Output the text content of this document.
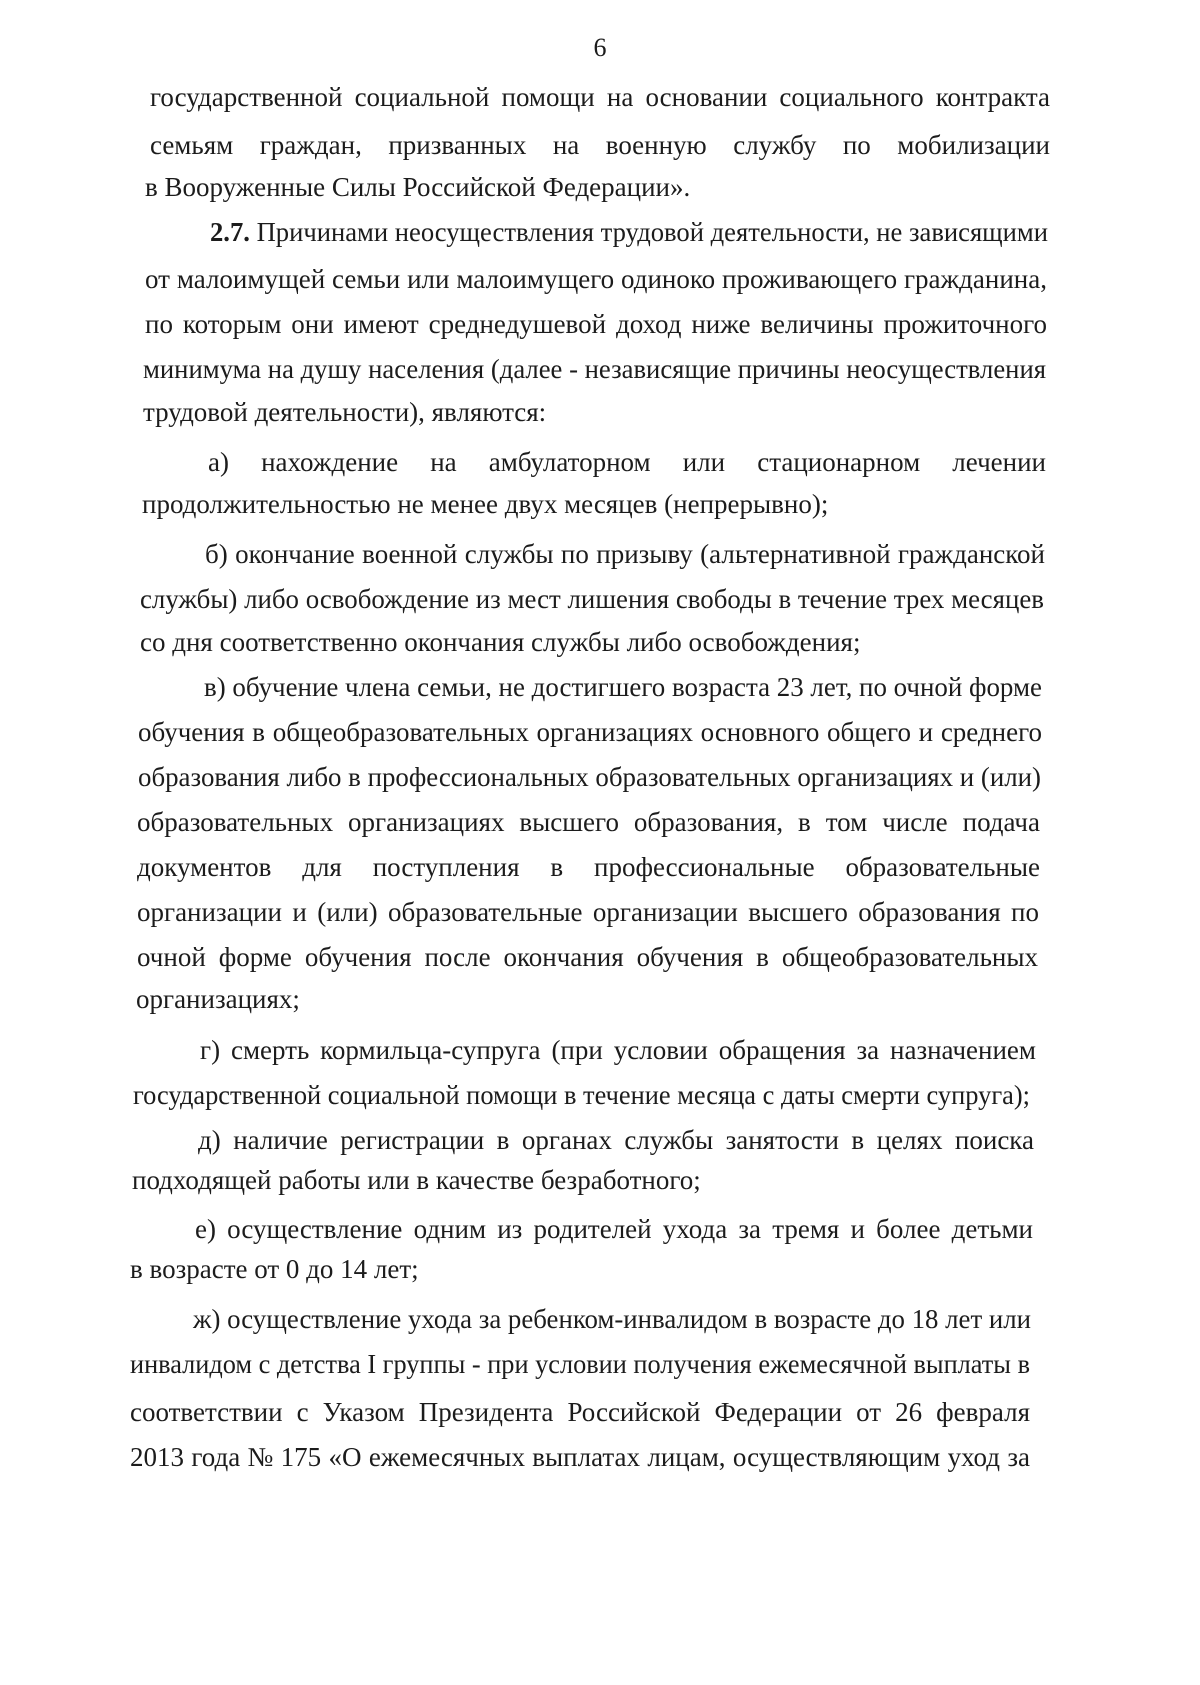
6
государственной социальной помощи на основании социального контракта
семьям граждан, призванных на военную службу по мобилизации
в Вооруженные Силы Российской Федерации».
2.7. Причинами неосуществления трудовой деятельности, не зависящими
от малоимущей семьи или малоимущего одиноко проживающего гражданина,
по которым они имеют среднедушевой доход ниже величины прожиточного
минимума на душу населения (далее - независящие причины неосуществления
трудовой деятельности), являются:
а) нахождение на амбулаторном или стационарном лечении
продолжительностью не менее двух месяцев (непрерывно);
б) окончание военной службы по призыву (альтернативной гражданской
службы) либо освобождение из мест лишения свободы в течение трех месяцев
со дня соответственно окончания службы либо освобождения;
в) обучение члена семьи, не достигшего возраста 23 лет, по очной форме
обучения в общеобразовательных организациях основного общего и среднего
образования либо в профессиональных образовательных организациях и (или)
образовательных организациях высшего образования, в том числе подача
документов для поступления в профессиональные образовательные
организации и (или) образовательные организации высшего образования по
очной форме обучения после окончания обучения в общеобразовательных
организациях;
г) смерть кормильца-супруга (при условии обращения за назначением
государственной социальной помощи в течение месяца с даты смерти супруга);
д) наличие регистрации в органах службы занятости в целях поиска
подходящей работы или в качестве безработного;
е) осуществление одним из родителей ухода за тремя и более детьми
в возрасте от 0 до 14 лет;
ж) осуществление ухода за ребенком-инвалидом в возрасте до 18 лет или
инвалидом с детства I группы - при условии получения ежемесячной выплаты в
соответствии с Указом Президента Российской Федерации от 26 февраля
2013 года № 175 «О ежемесячных выплатах лицам, осуществляющим уход за
